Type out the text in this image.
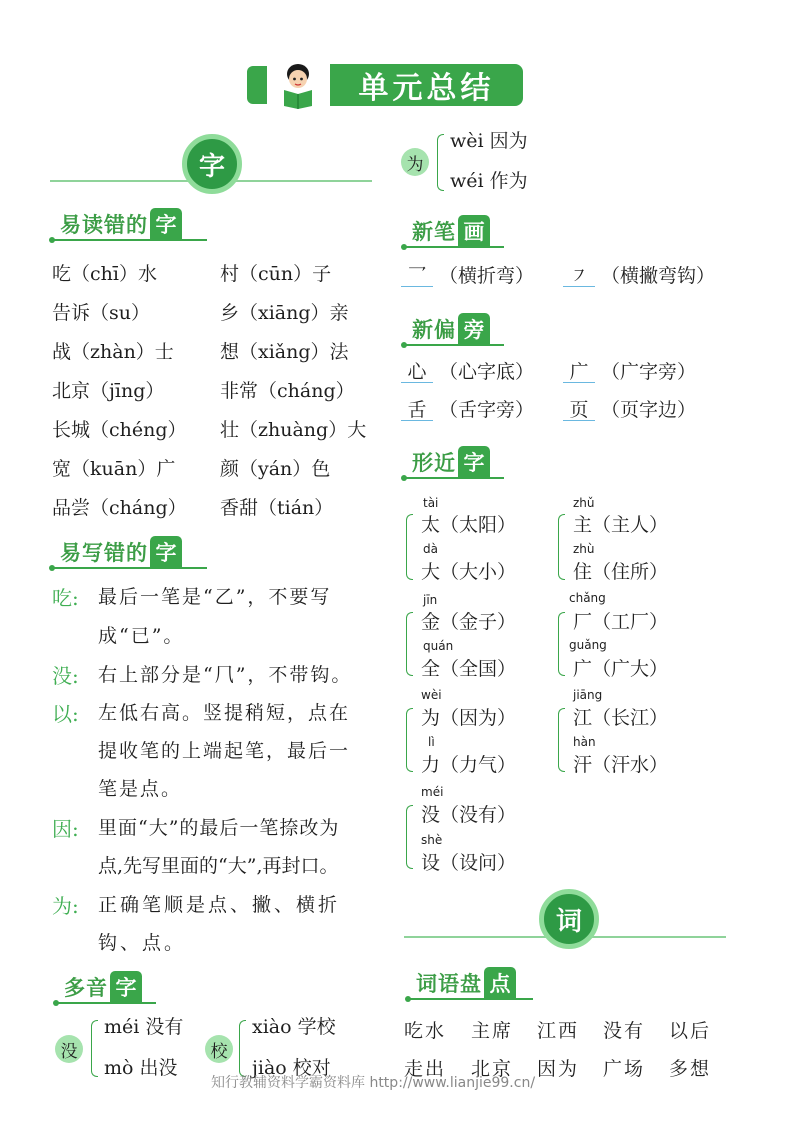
单元总结
字
易读错的 字
吃（chī）水	村（cūn）子
告诉（su）	乡（xiāng）亲
战（zhàn）士 想（xiǎng）法
北京（jīng）	非常（cháng）
长城（chéng） 壮（zhuàng）大
宽（kuān）广 颜（yán）色
品尝（cháng） 香甜（tián）
易写错的 字
吃: 最后一笔是“乙”，不要写
成“已”。
没: 右上部分是“⺇”，不带钩。
以: 左低右高。竖提稍短，点在
提收笔的上端起笔，最后一
笔是点。
因: 里面“大”的最后一笔捺改为
点,先写里面的“大”,再封口。
为: 正确笔顺是点、撇、横折
钩、点。
多音 字
没
méi 没有
mò 出没
校
xiào 学校
jiào 校对
为
wèi 因为
wéi 作为
新笔 画
乛 （横折弯）	㇇ （横撇弯钩）
新偏 旁
心 （心字底）	广 （广字旁）
舌 （舌字旁）	页 （页字边）
形近 字
tài
太（太阳）
dà
大（大小）
zhǔ
主（主人）
zhù
住（住所）
jīn
金（金子）
quán
全（全国）
chǎng
厂（工厂）
guǎng
广（广大）
wèi
为（因为）
lì
力（力气）
jiāng
江（长江）
hàn
汗（汗水）
méi
没（没有）
shè
设（设问）
词
词语盘 点
吃水 主席 江西 没有 以后
走出 北京 因为 广场 多想
知行教辅资料学霸资料库 http://www.lianjie99.cn/
